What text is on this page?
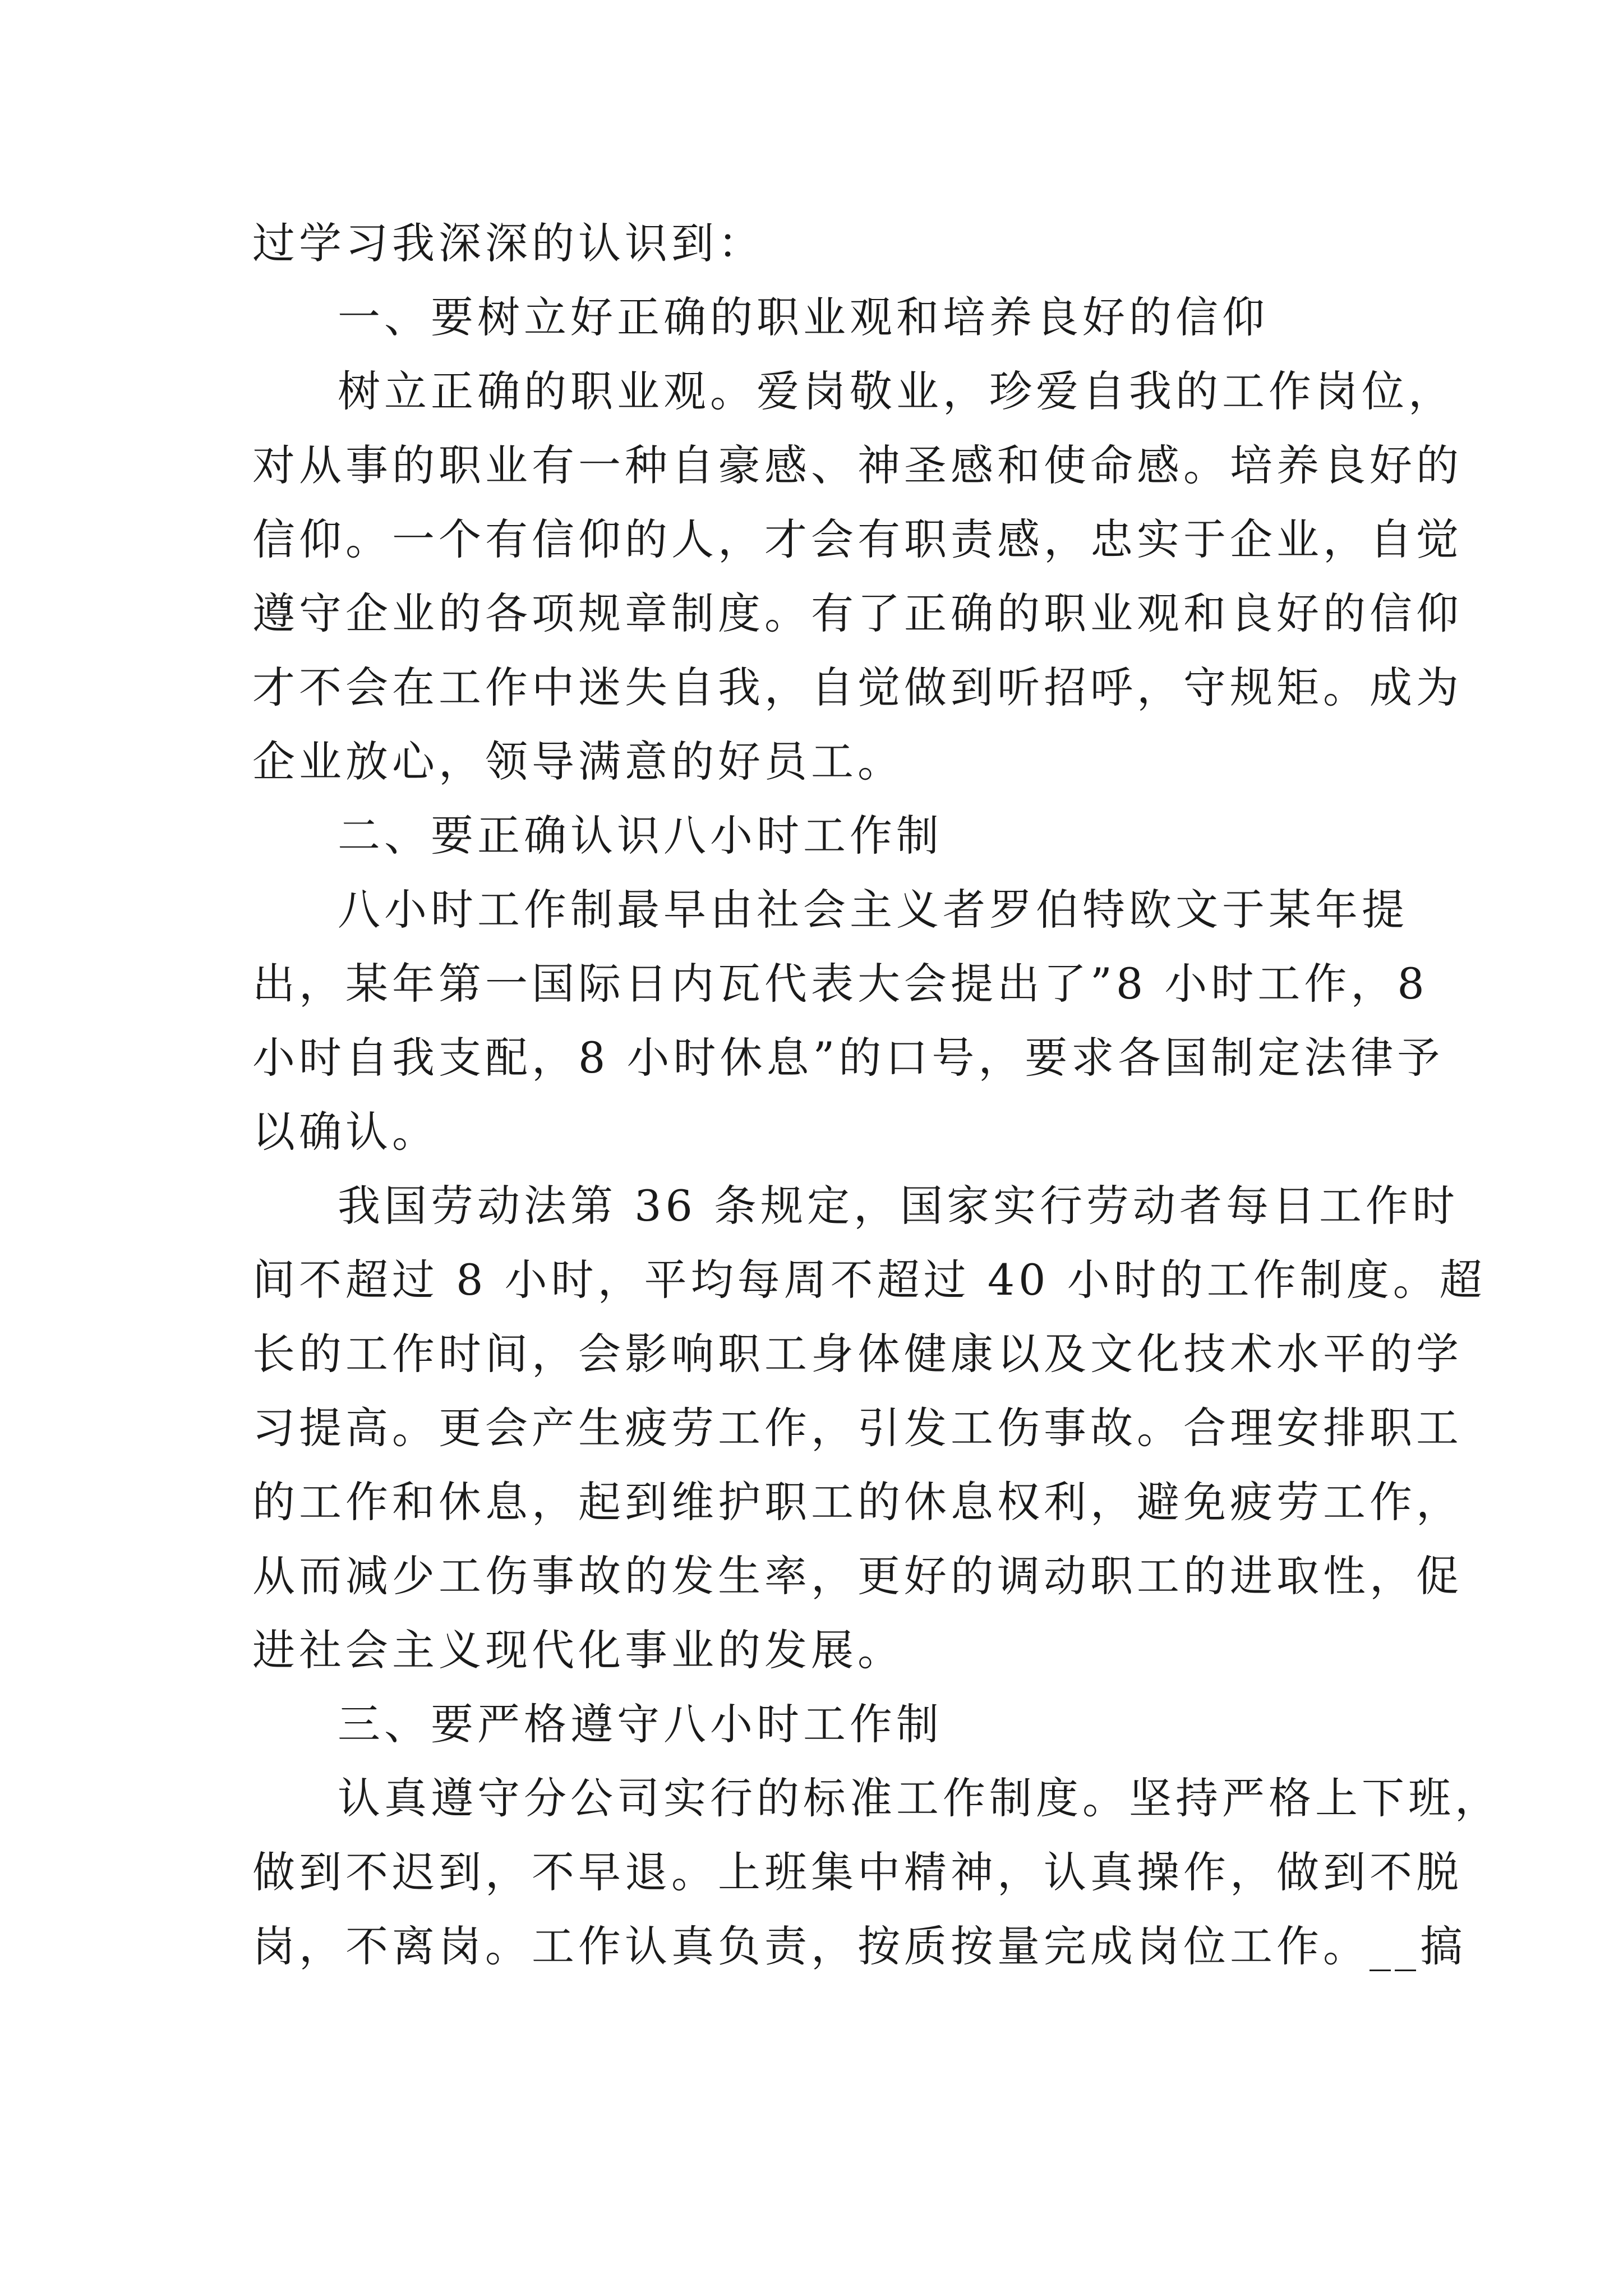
过学习我深深的认识到：
一、要树立好正确的职业观和培养良好的信仰
树立正确的职业观。爱岗敬业，珍爱自我的工作岗位，
对从事的职业有一种自豪感、神圣感和使命感。培养良好的
信仰。一个有信仰的人，才会有职责感，忠实于企业，自觉
遵守企业的各项规章制度。有了正确的职业观和良好的信仰
才不会在工作中迷失自我，自觉做到听招呼，守规矩。成为
企业放心，领导满意的好员工。
二、要正确认识八小时工作制
八小时工作制最早由社会主义者罗伯特欧文于某年提
出，某年第一国际日内瓦代表大会提出了”8 小时工作，8
小时自我支配，8 小时休息”的口号，要求各国制定法律予
以确认。
我国劳动法第 36 条规定，国家实行劳动者每日工作时
间不超过 8 小时，平均每周不超过 40 小时的工作制度。超
长的工作时间，会影响职工身体健康以及文化技术水平的学
习提高。更会产生疲劳工作，引发工伤事故。合理安排职工
的工作和休息，起到维护职工的休息权利，避免疲劳工作，
从而减少工伤事故的发生率，更好的调动职工的进取性，促
进社会主义现代化事业的发展。
三、要严格遵守八小时工作制
认真遵守分公司实行的标准工作制度。坚持严格上下班，
做到不迟到，不早退。上班集中精神，认真操作，做到不脱
岗，不离岗。工作认真负责，按质按量完成岗位工作。__搞
